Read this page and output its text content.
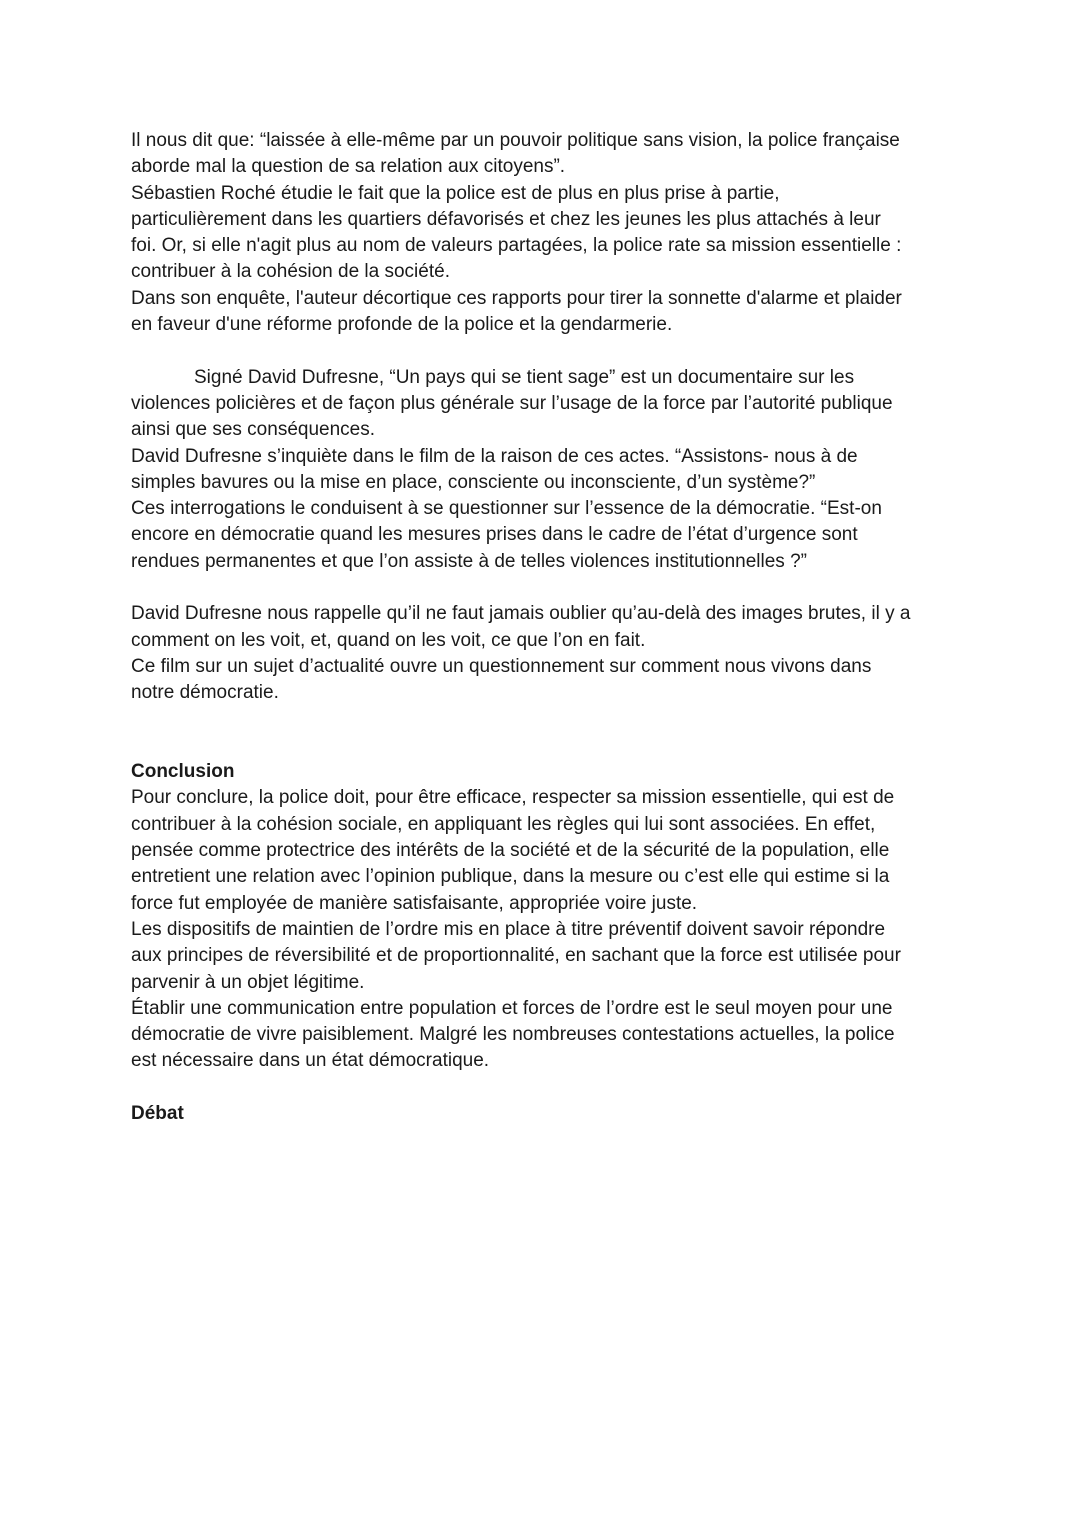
Il nous dit que: “laissée à elle-même par un pouvoir politique sans vision, la police française
aborde mal la question de sa relation aux citoyens”.
Sébastien Roché étudie le fait que la police est de plus en plus prise à partie,
particulièrement dans les quartiers défavorisés et chez les jeunes les plus attachés à leur
foi. Or, si elle n'agit plus au nom de valeurs partagées, la police rate sa mission essentielle :
contribuer à la cohésion de la société.
Dans son enquête, l'auteur décortique ces rapports pour tirer la sonnette d'alarme et plaider
en faveur d'une réforme profonde de la police et la gendarmerie.
Signé David Dufresne, “Un pays qui se tient sage” est un documentaire sur les
violences policières et de façon plus générale sur l’usage de la force par l’autorité publique
ainsi que ses conséquences.
David Dufresne s’inquiète dans le film de la raison de ces actes. “Assistons- nous à de
simples bavures ou la mise en place, consciente ou inconsciente, d’un système?”
Ces interrogations le conduisent à se questionner sur l’essence de la démocratie. “Est-on
encore en démocratie quand les mesures prises dans le cadre de l’état d’urgence sont
rendues permanentes et que l’on assiste à de telles violences institutionnelles ?”
David Dufresne nous rappelle qu’il ne faut jamais oublier qu’au-delà des images brutes, il y a
comment on les voit, et, quand on les voit, ce que l’on en fait.
Ce film sur un sujet d’actualité ouvre un questionnement sur comment nous vivons dans
notre démocratie.
Conclusion
Pour conclure, la police doit, pour être efficace, respecter sa mission essentielle, qui est de
contribuer à la cohésion sociale, en appliquant les règles qui lui sont associées. En effet,
pensée comme protectrice des intérêts de la société et de la sécurité de la population, elle
entretient une relation avec l’opinion publique, dans la mesure ou c’est elle qui estime si la
force fut employée de manière satisfaisante, appropriée voire juste.
Les dispositifs de maintien de l’ordre mis en place à titre préventif doivent savoir répondre
aux principes de réversibilité et de proportionnalité, en sachant que la force est utilisée pour
parvenir à un objet légitime.
Établir une communication entre population et forces de l’ordre est le seul moyen pour une
démocratie de vivre paisiblement. Malgré les nombreuses contestations actuelles, la police
est nécessaire dans un état démocratique.
Débat
